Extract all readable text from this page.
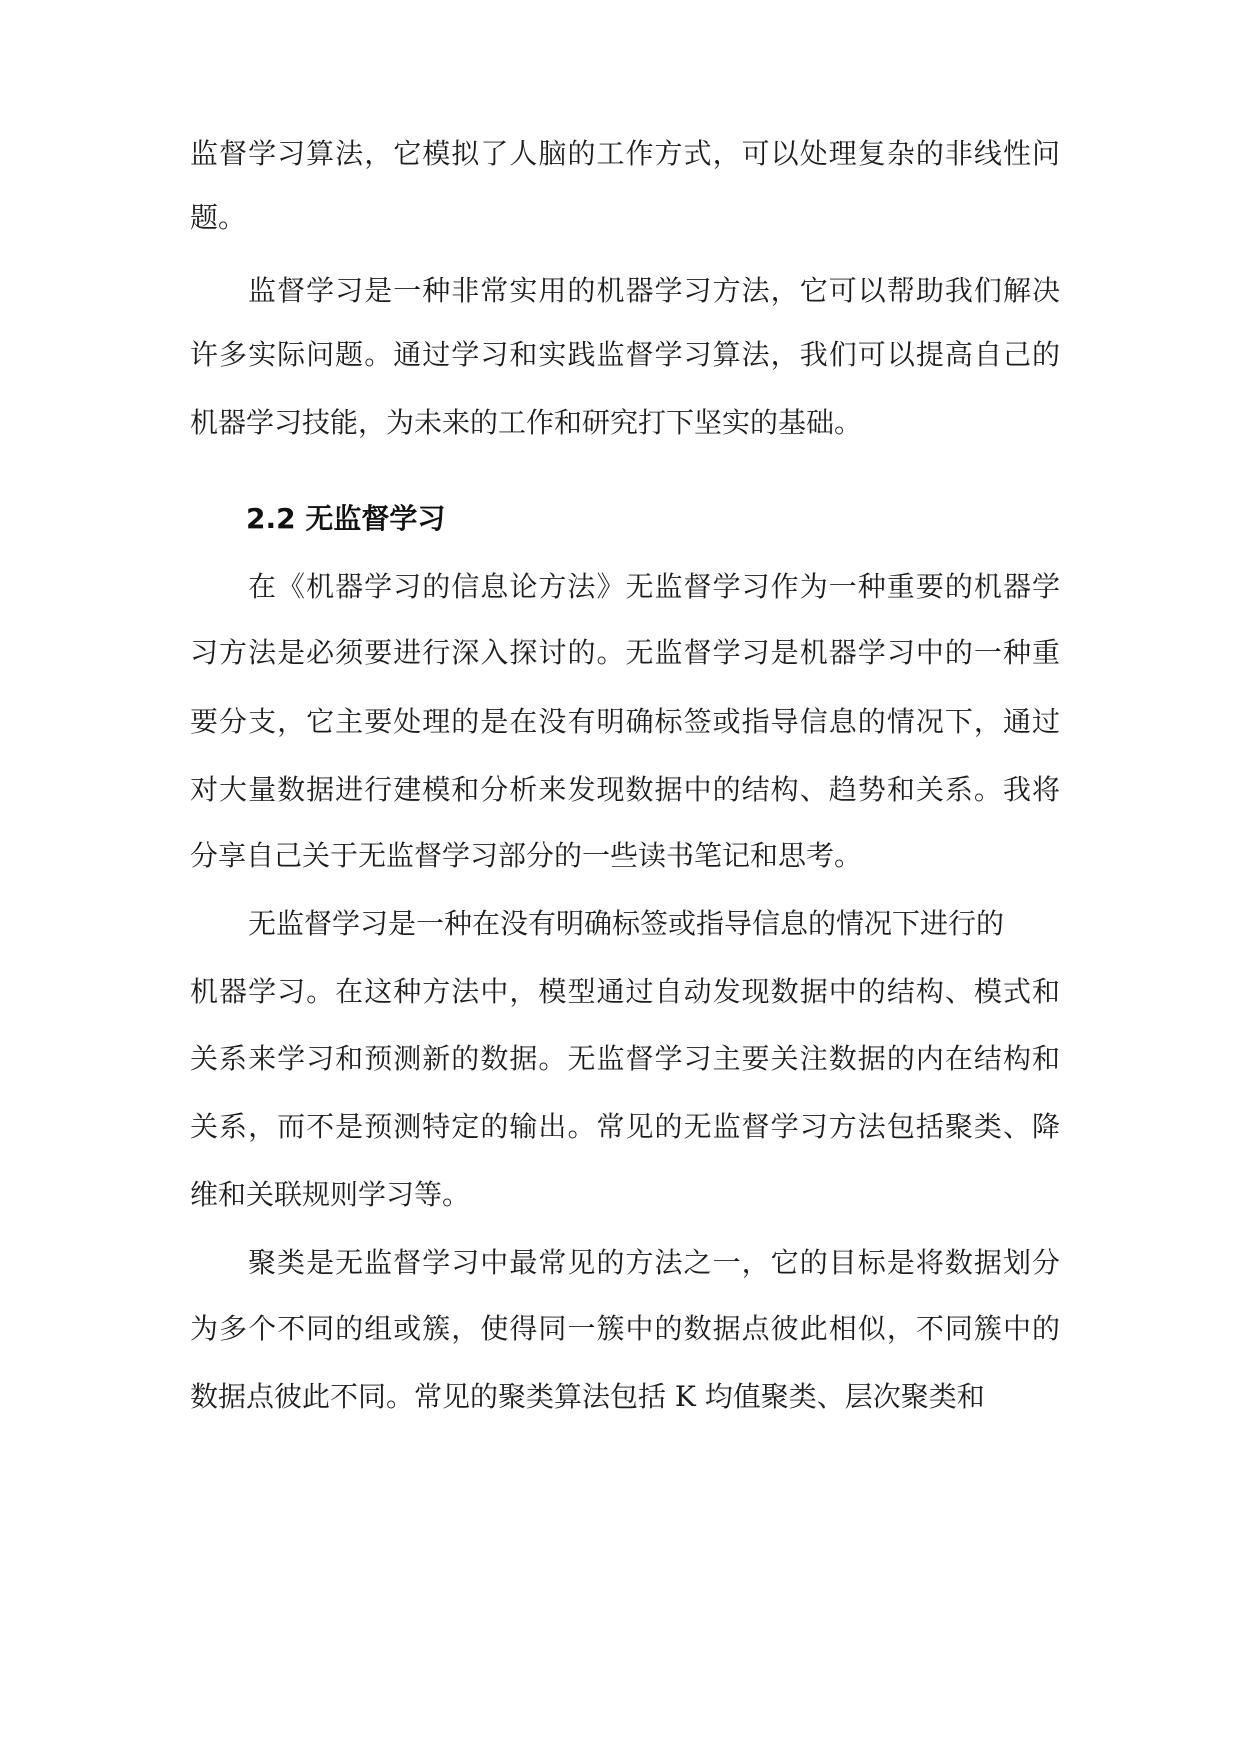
监督学习算法，它模拟了人脑的工作方式，可以处理复杂的非线性问
题。
监督学习是一种非常实用的机器学习方法，它可以帮助我们解决
许多实际问题。通过学习和实践监督学习算法，我们可以提高自己的
机器学习技能，为未来的工作和研究打下坚实的基础。
2.2 无监督学习
在《机器学习的信息论方法》无监督学习作为一种重要的机器学
习方法是必须要进行深入探讨的。无监督学习是机器学习中的一种重
要分支，它主要处理的是在没有明确标签或指导信息的情况下，通过
对大量数据进行建模和分析来发现数据中的结构、趋势和关系。我将
分享自己关于无监督学习部分的一些读书笔记和思考。
无监督学习是一种在没有明确标签或指导信息的情况下进行的
机器学习。在这种方法中，模型通过自动发现数据中的结构、模式和
关系来学习和预测新的数据。无监督学习主要关注数据的内在结构和
关系，而不是预测特定的输出。常见的无监督学习方法包括聚类、降
维和关联规则学习等。
聚类是无监督学习中最常见的方法之一，它的目标是将数据划分
为多个不同的组或簇，使得同一簇中的数据点彼此相似，不同簇中的
数据点彼此不同。常见的聚类算法包括 K 均值聚类、层次聚类和
